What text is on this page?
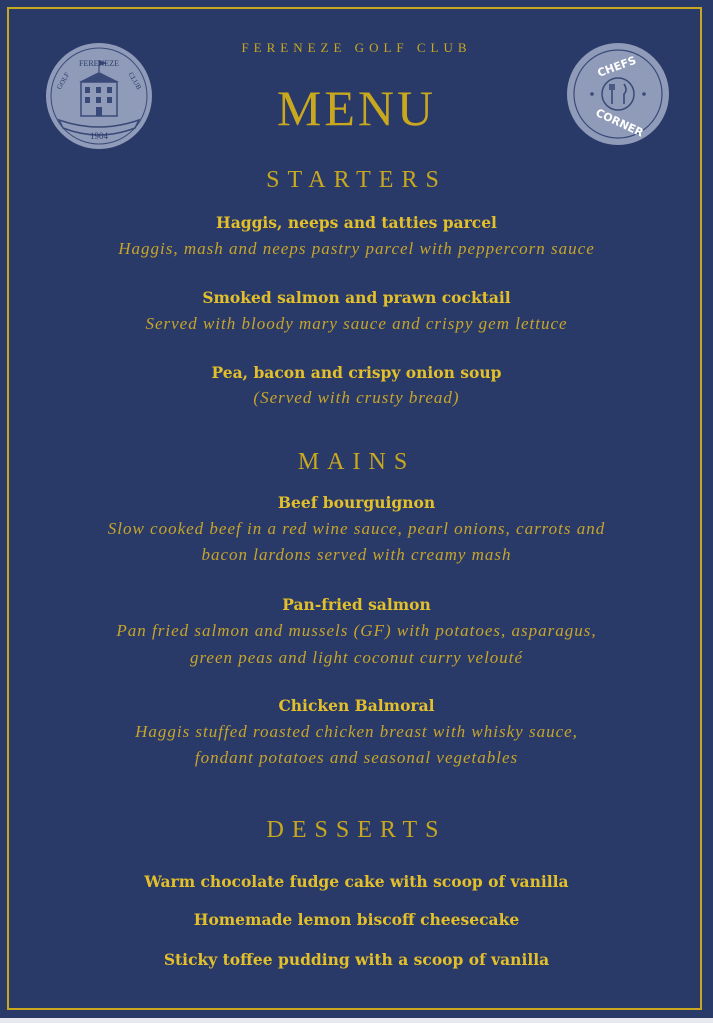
1904
FERENEZE
GOLF	CLUB
CHEFS
CORNER
FERENEZE GOLF CLUB
MENU
STARTERS
Haggis, neeps and tatties parcel
Haggis, mash and neeps pastry parcel with peppercorn sauce
Smoked salmon and prawn cocktail
Served with bloody mary sauce and crispy gem lettuce
Pea, bacon and crispy onion soup
(Served with crusty bread)
MAINS
Beef bourguignon
Slow cooked beef in a red wine sauce, pearl onions, carrots and
bacon lardons served with creamy mash
Pan-fried salmon
Pan fried salmon and mussels (GF) with potatoes, asparagus,
green peas and light coconut curry velouté
Chicken Balmoral
Haggis stuffed roasted chicken breast with whisky sauce,
fondant potatoes and seasonal vegetables
DESSERTS
Warm chocolate fudge cake with scoop of vanilla
Homemade lemon biscoff cheesecake
Sticky toffee pudding with a scoop of vanilla
